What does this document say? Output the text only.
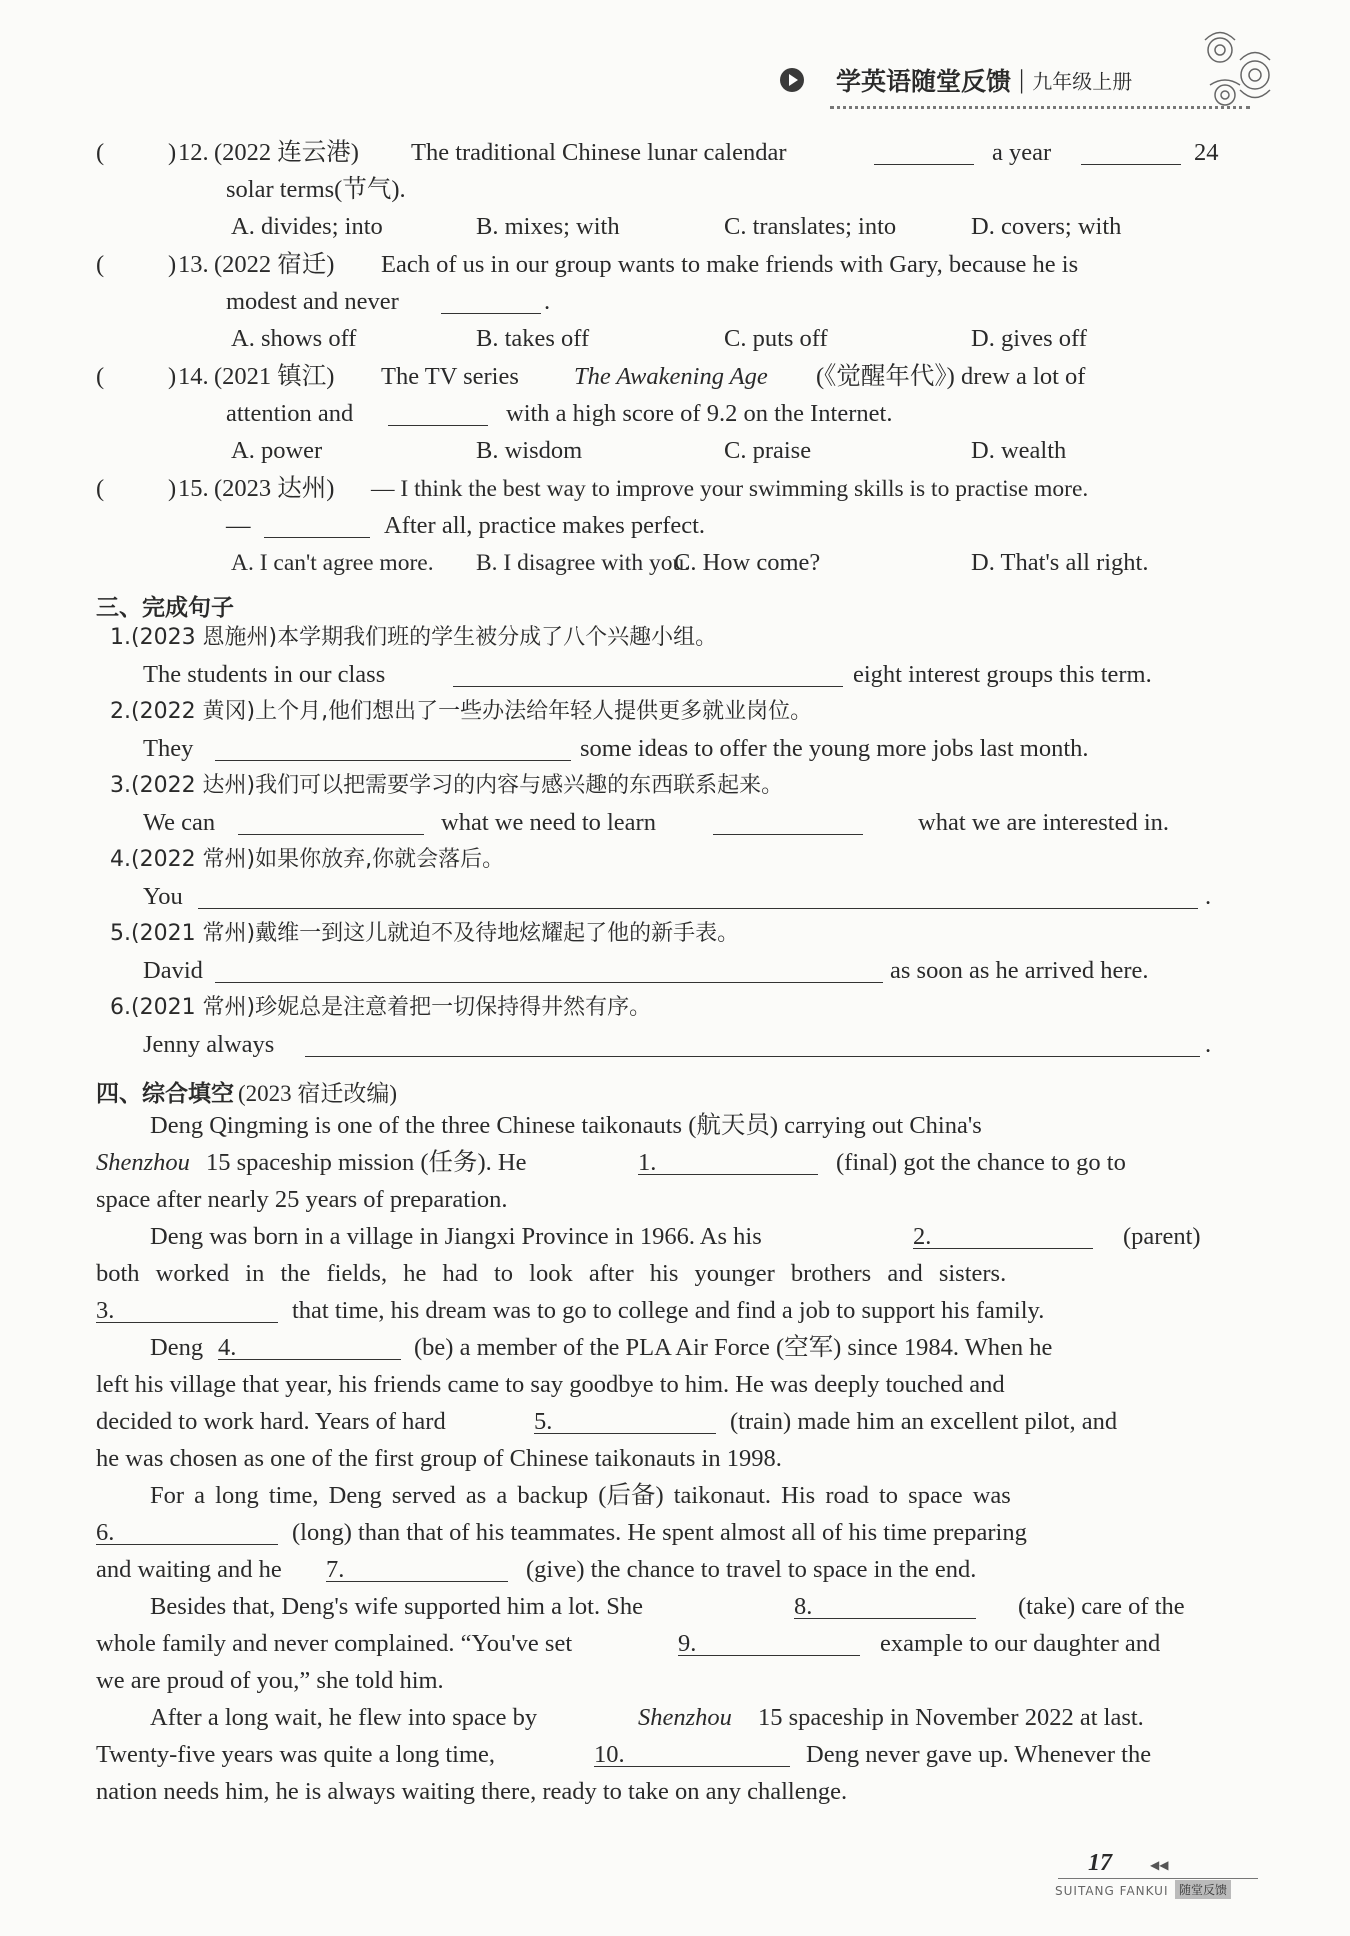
学英语随堂反馈 | 九年级上册
(	) 12. (2022 连云港) The traditional Chinese lunar calendar	a year	24
solar terms(节气).
A. divides; into	B. mixes; with	C. translates; into	D. covers; with
(	) 13. (2022 宿迁) Each of us in our group wants to make friends with Gary, because he is
modest and never	.
A. shows off	B. takes off	C. puts off	D. gives off
(	) 14. (2021 镇江) The TV series The Awakening Age (《觉醒年代》) drew a lot of
attention and	with a high score of 9.2 on the Internet.
A. power	B. wisdom	C. praise	D. wealth
(	) 15. (2023 达州) — I think the best way to improve your swimming skills is to practise more.
—	After all, practice makes perfect.
A. I can't agree more. B. I disagree with you.
C. How come?	D. That's all right.
三、完成句子
1.(2023 恩施州)本学期我们班的学生被分成了八个兴趣小组。
The students in our class	eight interest groups this term.
2.(2022 黄冈)上个月,他们想出了一些办法给年轻人提供更多就业岗位。
They	some ideas to offer the young more jobs last month.
3.(2022 达州)我们可以把需要学习的内容与感兴趣的东西联系起来。
We can	what we need to learn	what we are interested in.
4.(2022 常州)如果你放弃,你就会落后。
You	.
5.(2021 常州)戴维一到这儿就迫不及待地炫耀起了他的新手表。
David	as soon as he arrived here.
6.(2021 常州)珍妮总是注意着把一切保持得井然有序。
Jenny always	.
四、综合填空 (2023 宿迁改编)
Deng Qingming is one of the three Chinese taikonauts (航天员) carrying out China's
Shenzhou 15 spaceship mission (任务). He	1.	(final) got the chance to go to
space after nearly 25 years of preparation.
Deng was born in a village in Jiangxi Province in 1966. As his	2.	(parent)
both worked in the fields, he had to look after his younger brothers and sisters.
3.	that time, his dream was to go to college and find a job to support his family.
Deng 4.	(be) a member of the PLA Air Force (空军) since 1984. When he
left his village that year, his friends came to say goodbye to him. He was deeply touched and
decided to work hard. Years of hard	5.	(train) made him an excellent pilot, and
he was chosen as one of the first group of Chinese taikonauts in 1998.
For a long time, Deng served as a backup (后备) taikonaut. His road to space was
6.	(long) than that of his teammates. He spent almost all of his time preparing
and waiting and he 7.	(give) the chance to travel to space in the end.
Besides that, Deng's wife supported him a lot. She	8.	(take) care of the
whole family and never complained. “You've set	9.	example to our daughter and
we are proud of you,” she told him.
After a long wait, he flew into space by	Shenzhou 15 spaceship in November 2022 at last.
Twenty-five years was quite a long time,	10.	Deng never gave up. Whenever the
nation needs him, he is always waiting there, ready to take on any challenge.
17	◀◀
SUITANG FANKUI 随堂反馈
